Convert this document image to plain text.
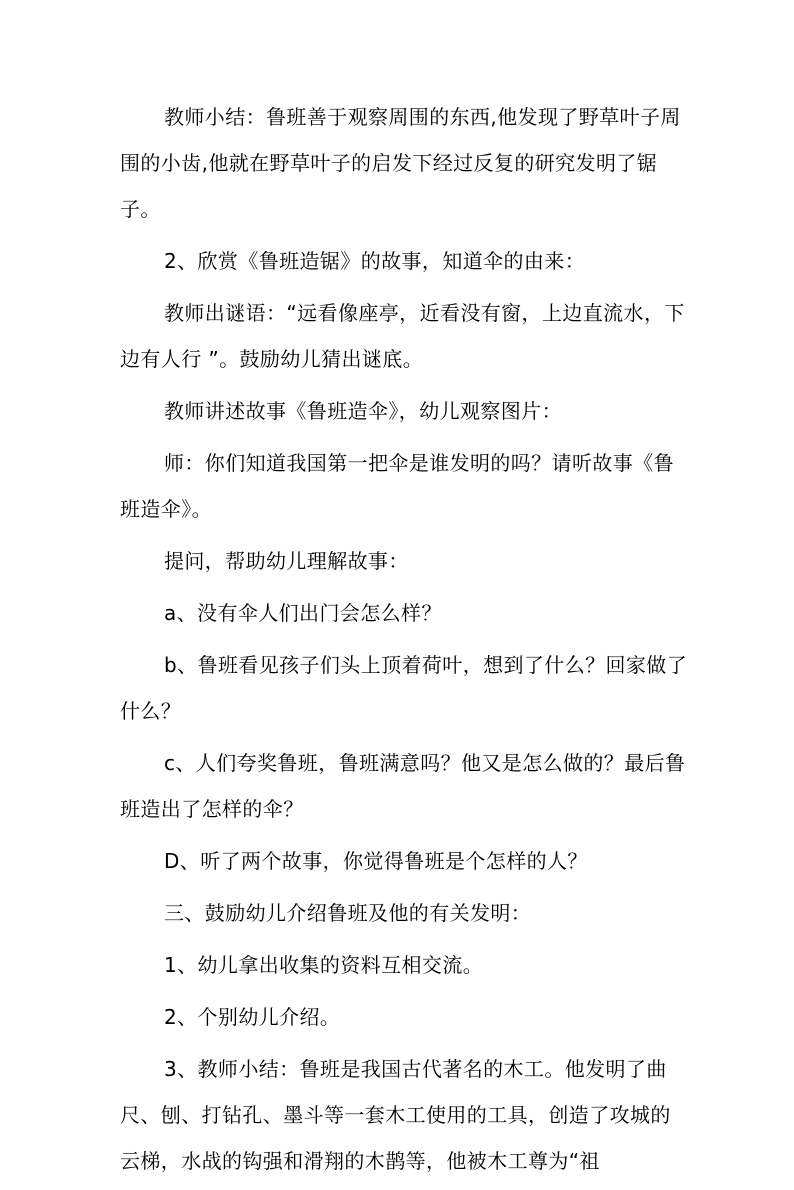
教师小结：鲁班善于观察周围的东西,他发现了野草叶子周围的小齿,他就在野草叶子的启发下经过反复的研究发明了锯子。

2、欣赏《鲁班造锯》的故事，知道伞的由来：

教师出谜语：“远看像座亭，近看没有窗，上边直流水，下边有人行 ”。鼓励幼儿猜出谜底。

教师讲述故事《鲁班造伞》，幼儿观察图片：

师：你们知道我国第一把伞是谁发明的吗？请听故事《鲁班造伞》。

提问，帮助幼儿理解故事：

a、没有伞人们出门会怎么样？

b、鲁班看见孩子们头上顶着荷叶，想到了什么？回家做了什么？

c、人们夸奖鲁班，鲁班满意吗？他又是怎么做的？最后鲁班造出了怎样的伞？

D、听了两个故事，你觉得鲁班是个怎样的人？

三、鼓励幼儿介绍鲁班及他的有关发明：

1、幼儿拿出收集的资料互相交流。

2、个别幼儿介绍。

3、教师小结：鲁班是我国古代著名的木工。他发明了曲尺、刨、打钻孔、墨斗等一套木工使用的工具，创造了攻城的云梯，水战的钩强和滑翔的木鹊等，他被木工尊为“祖
